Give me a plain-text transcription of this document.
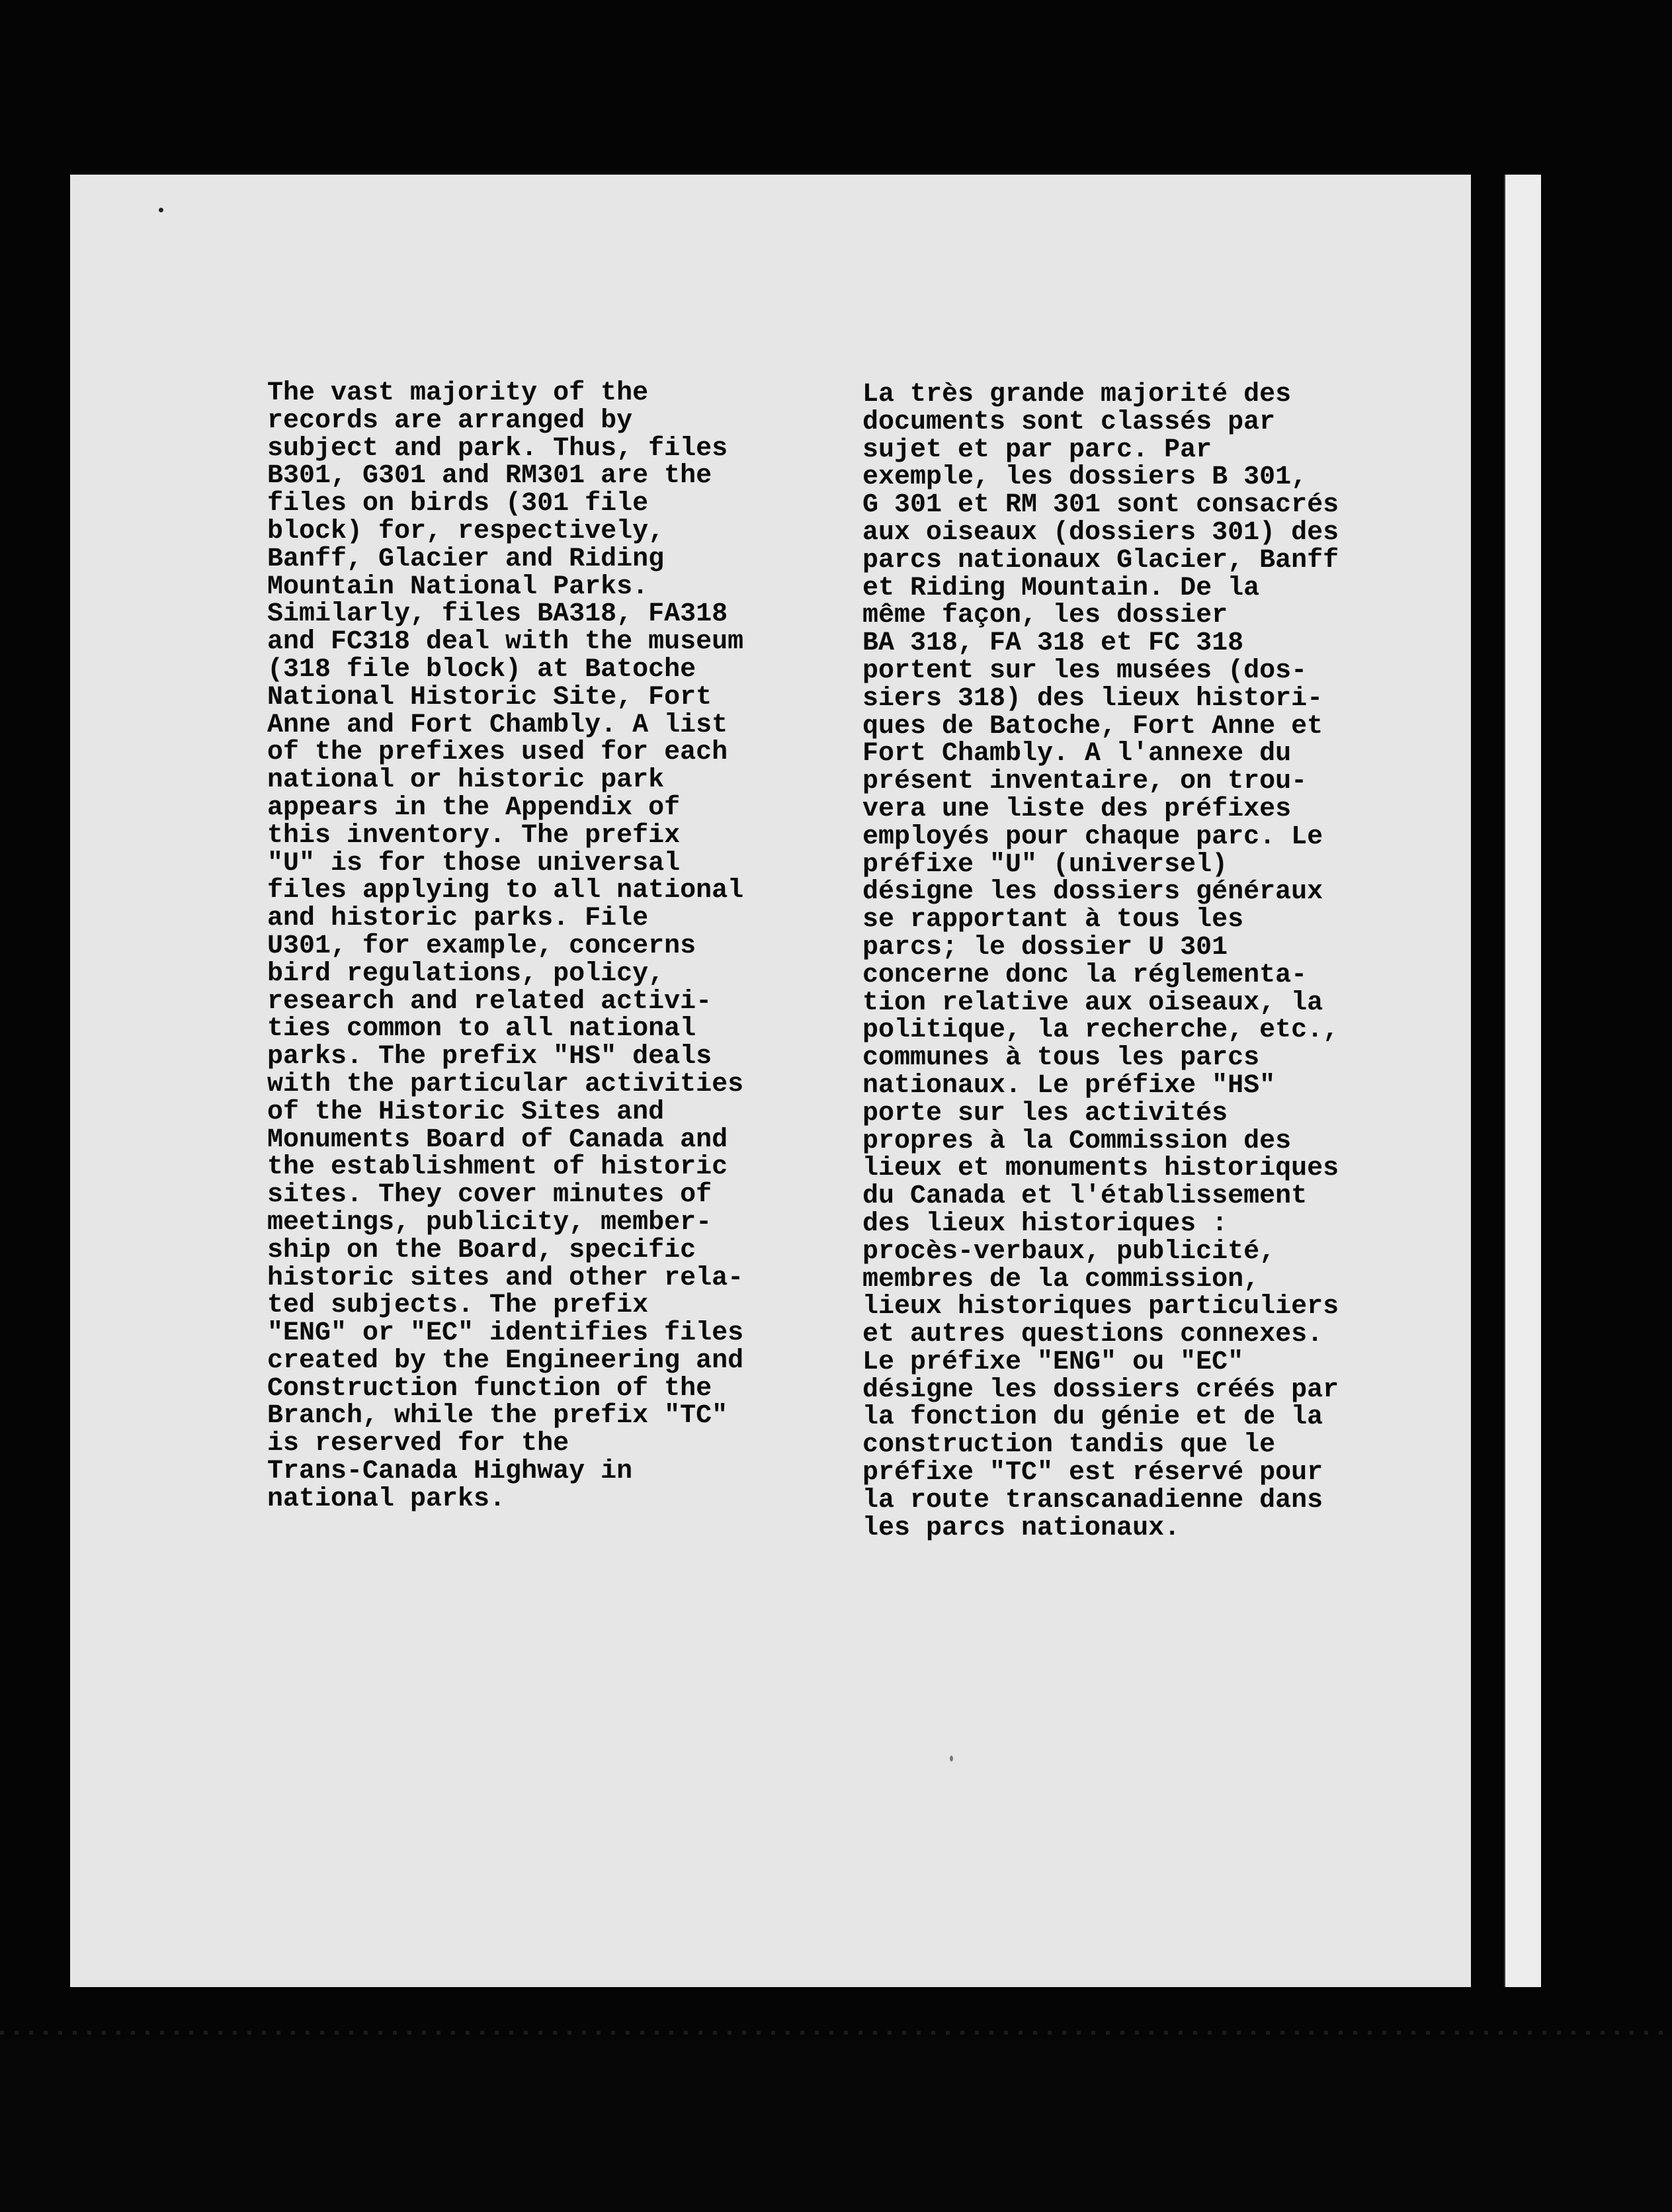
The vast majority of the
records are arranged by
subject and park. Thus, files
B301, G301 and RM301 are the
files on birds (301 file
block) for, respectively,
Banff, Glacier and Riding
Mountain National Parks.
Similarly, files BA318, FA318
and FC318 deal with the museum
(318 file block) at Batoche
National Historic Site, Fort
Anne and Fort Chambly. A list
of the prefixes used for each
national or historic park
appears in the Appendix of
this inventory. The prefix
"U" is for those universal
files applying to all national
and historic parks. File
U301, for example, concerns
bird regulations, policy,
research and related activi-
ties common to all national
parks. The prefix "HS" deals
with the particular activities
of the Historic Sites and
Monuments Board of Canada and
the establishment of historic
sites. They cover minutes of
meetings, publicity, member-
ship on the Board, specific
historic sites and other rela-
ted subjects. The prefix
"ENG" or "EC" identifies files
created by the Engineering and
Construction function of the
Branch, while the prefix "TC"
is reserved for the
Trans-Canada Highway in
national parks.
La très grande majorité des
documents sont classés par
sujet et par parc. Par
exemple, les dossiers B 301,
G 301 et RM 301 sont consacrés
aux oiseaux (dossiers 301) des
parcs nationaux Glacier, Banff
et Riding Mountain. De la
même façon, les dossier
BA 318, FA 318 et FC 318
portent sur les musées (dos-
siers 318) des lieux histori-
ques de Batoche, Fort Anne et
Fort Chambly. A l'annexe du
présent inventaire, on trou-
vera une liste des préfixes
employés pour chaque parc. Le
préfixe "U" (universel)
désigne les dossiers généraux
se rapportant à tous les
parcs; le dossier U 301
concerne donc la réglementa-
tion relative aux oiseaux, la
politique, la recherche, etc.,
communes à tous les parcs
nationaux. Le préfixe "HS"
porte sur les activités
propres à la Commission des
lieux et monuments historiques
du Canada et l'établissement
des lieux historiques :
procès-verbaux, publicité,
membres de la commission,
lieux historiques particuliers
et autres questions connexes.
Le préfixe "ENG" ou "EC"
désigne les dossiers créés par
la fonction du génie et de la
construction tandis que le
préfixe "TC" est réservé pour
la route transcanadienne dans
les parcs nationaux.
